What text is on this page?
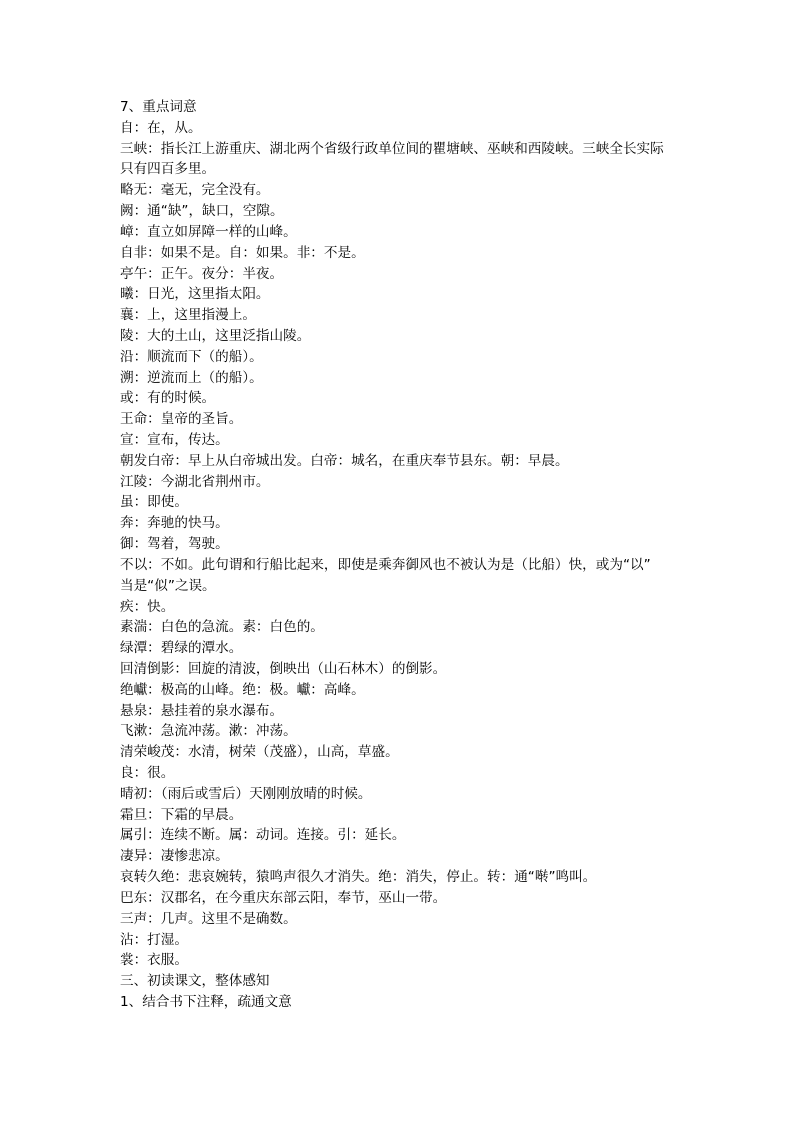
7、重点词意

自：在，从。

三峡：指长江上游重庆、湖北两个省级行政单位间的瞿塘峡、巫峡和西陵峡。三峡全长实际

只有四百多里。

略无：毫无，完全没有。

阙：通“缺”，缺口，空隙。

嶂：直立如屏障一样的山峰。

自非：如果不是。自：如果。非：不是。

亭午：正午。夜分：半夜。

曦：日光，这里指太阳。

襄：上，这里指漫上。

陵：大的土山，这里泛指山陵。

沿：顺流而下（的船）。

溯：逆流而上（的船）。

或：有的时候。

王命：皇帝的圣旨。

宣：宣布，传达。

朝发白帝：早上从白帝城出发。白帝：城名，在重庆奉节县东。朝：早晨。

江陵：今湖北省荆州市。

虽：即使。

奔：奔驰的快马。

御：驾着，驾驶。

不以：不如。此句谓和行船比起来，即使是乘奔御风也不被认为是（比船）快，或为“以”

当是“似”之误。

疾：快。

素湍：白色的急流。素：白色的。

绿潭：碧绿的潭水。

回清倒影：回旋的清波，倒映出（山石林木）的倒影。

绝巘：极高的山峰。绝：极。巘：高峰。

悬泉：悬挂着的泉水瀑布。

飞漱：急流冲荡。漱：冲荡。

清荣峻茂：水清，树荣（茂盛），山高，草盛。

良：很。

晴初：（雨后或雪后）天刚刚放晴的时候。

霜旦：下霜的早晨。

属引：连续不断。属：动词。连接。引：延长。

凄异：凄惨悲凉。

哀转久绝：悲哀婉转，猿鸣声很久才消失。绝：消失，停止。转：通“啭”鸣叫。

巴东：汉郡名，在今重庆东部云阳，奉节，巫山一带。

三声：几声。这里不是确数。

沾：打湿。

裳：衣服。

三、初读课文，整体感知

1、结合书下注释，疏通文意
